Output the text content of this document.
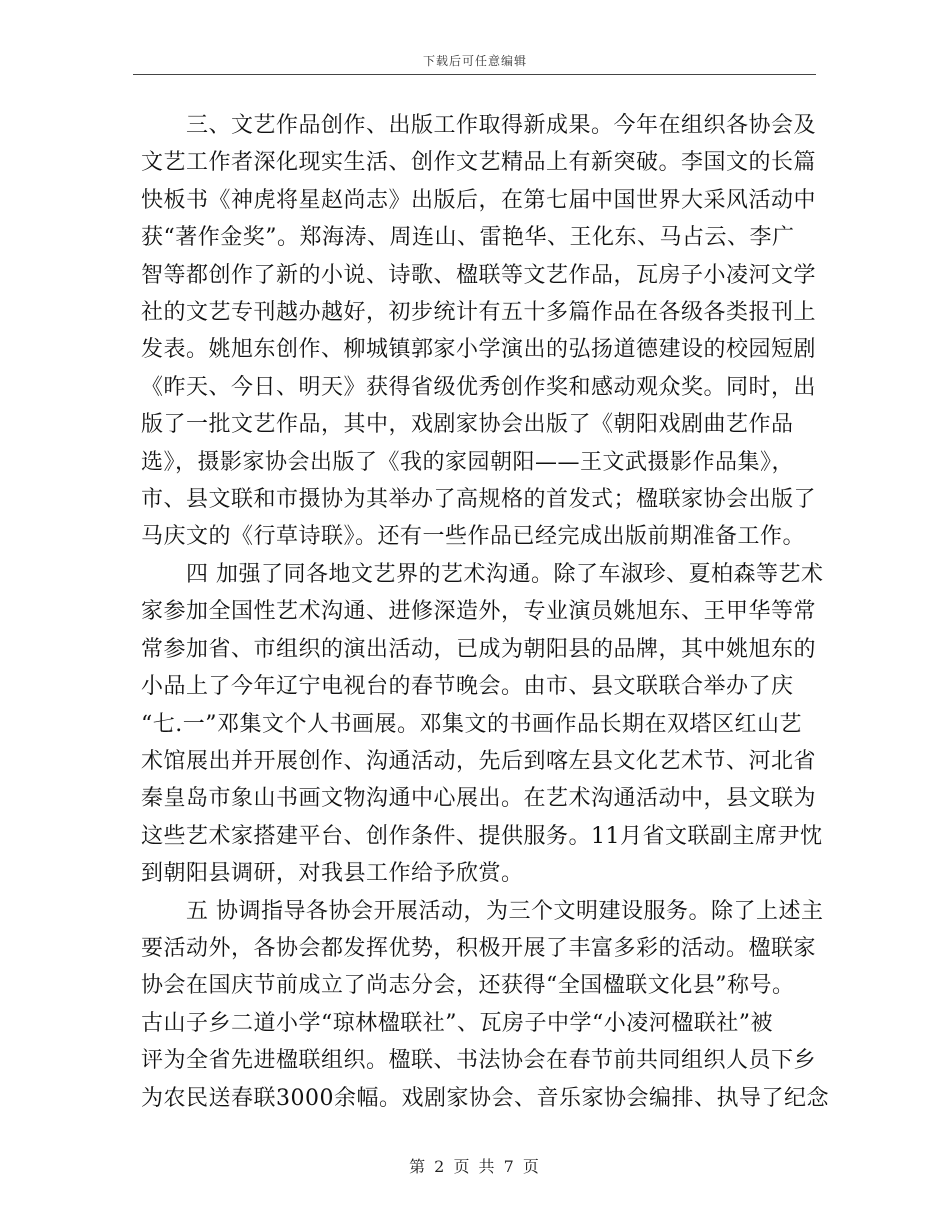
下载后可任意编辑
　　三、文艺作品创作、出版工作取得新成果。今年在组织各协会及
文艺工作者深化现实生活、创作文艺精品上有新突破。李国文的长篇
快板书《神虎将星赵尚志》出版后，在第七届中国世界大采风活动中
获“著作金奖”。郑海涛、周连山、雷艳华、王化东、马占云、李广
智等都创作了新的小说、诗歌、楹联等文艺作品，瓦房子小凌河文学
社的文艺专刊越办越好，初步统计有五十多篇作品在各级各类报刊上
发表。姚旭东创作、柳城镇郭家小学演出的弘扬道德建设的校园短剧
《昨天、今日、明天》获得省级优秀创作奖和感动观众奖。同时，出
版了一批文艺作品，其中，戏剧家协会出版了《朝阳戏剧曲艺作品
选》，摄影家协会出版了《我的家园朝阳——王文武摄影作品集》，
市、县文联和市摄协为其举办了高规格的首发式；楹联家协会出版了
马庆文的《行草诗联》。还有一些作品已经完成出版前期准备工作。
　　四 加强了同各地文艺界的艺术沟通。除了车淑珍、夏柏森等艺术
家参加全国性艺术沟通、进修深造外，专业演员姚旭东、王甲华等常
常参加省、市组织的演出活动，已成为朝阳县的品牌，其中姚旭东的
小品上了今年辽宁电视台的春节晚会。由市、县文联联合举办了庆
“七.一”邓集文个人书画展。邓集文的书画作品长期在双塔区红山艺
术馆展出并开展创作、沟通活动，先后到喀左县文化艺术节、河北省
秦皇岛市象山书画文物沟通中心展出。在艺术沟通活动中，县文联为
这些艺术家搭建平台、创作条件、提供服务。11月省文联副主席尹忱
到朝阳县调研，对我县工作给予欣赏。
　　五 协调指导各协会开展活动，为三个文明建设服务。除了上述主
要活动外，各协会都发挥优势，积极开展了丰富多彩的活动。楹联家
协会在国庆节前成立了尚志分会，还获得“全国楹联文化县”称号。
古山子乡二道小学“琼林楹联社”、瓦房子中学“小凌河楹联社”被
评为全省先进楹联组织。楹联、书法协会在春节前共同组织人员下乡
为农民送春联3000余幅。戏剧家协会、音乐家协会编排、执导了纪念
第 2 页 共 7 页
